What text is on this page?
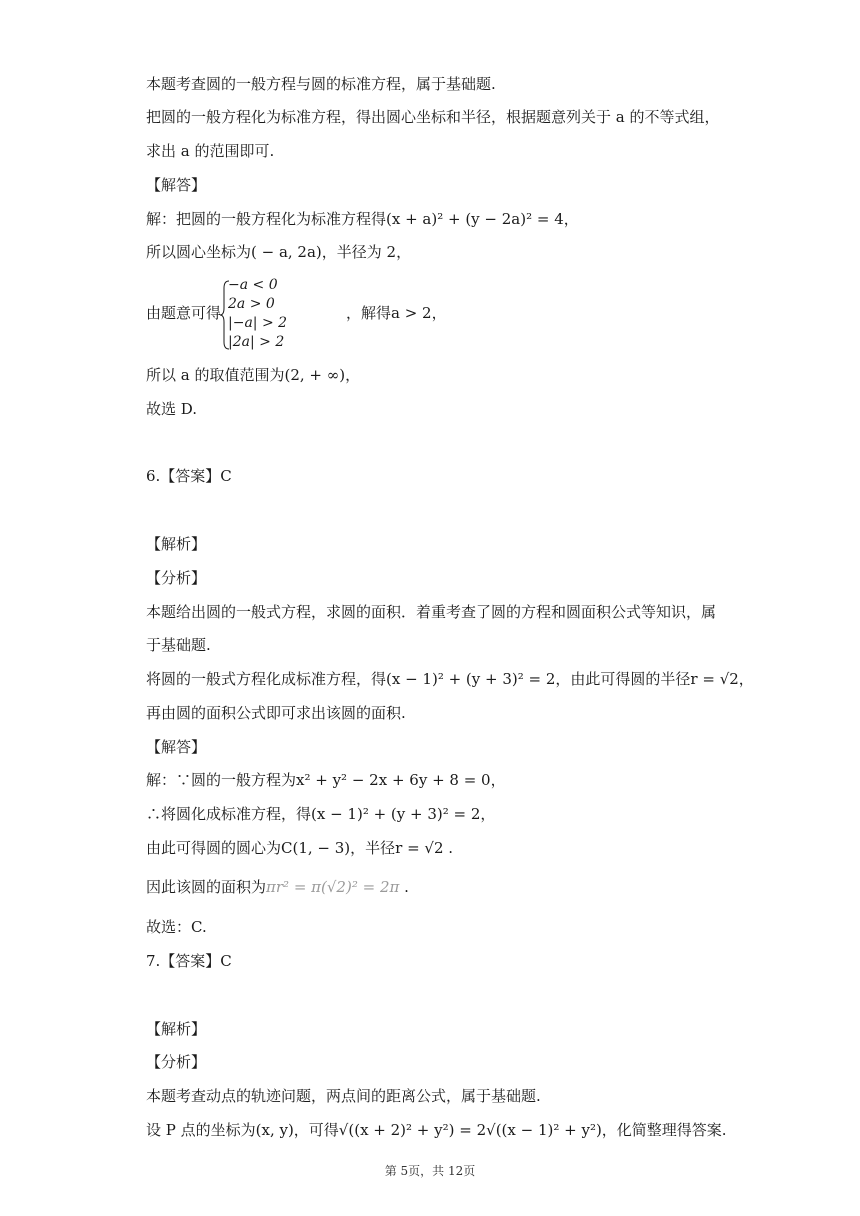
本题考查圆的一般方程与圆的标准方程，属于基础题.
把圆的一般方程化为标准方程，得出圆心坐标和半径，根据题意列关于 a 的不等式组，
求出 a 的范围即可.
【解答】
解：把圆的一般方程化为标准方程得(x + a)² + (y − 2a)² = 4，
所以圆心坐标为( − a, 2a)，半径为 2，
由题意可得
−a < 0
2a > 0
|−a| > 2
|2a| > 2
，解得a > 2，
所以 a 的取值范围为(2, + ∞)，
故选 D.
6.【答案】C
【解析】
【分析】
本题给出圆的一般式方程，求圆的面积．着重考查了圆的方程和圆面积公式等知识，属
于基础题.
将圆的一般式方程化成标准方程，得(x − 1)² + (y + 3)² = 2，由此可得圆的半径r = √2，
再由圆的面积公式即可求出该圆的面积.
【解答】
解：∵圆的一般方程为x² + y² − 2x + 6y + 8 = 0，
∴将圆化成标准方程，得(x − 1)² + (y + 3)² = 2，
由此可得圆的圆心为C(1, − 3)，半径r = √2 .
因此该圆的面积为πr² = π(√2)² = 2π .
故选：C.
7.【答案】C
【解析】
【分析】
本题考查动点的轨迹问题，两点间的距离公式，属于基础题.
设 P 点的坐标为(x, y)，可得√((x + 2)² + y²) = 2√((x − 1)² + y²)，化简整理得答案.
第 5页，共 12页
